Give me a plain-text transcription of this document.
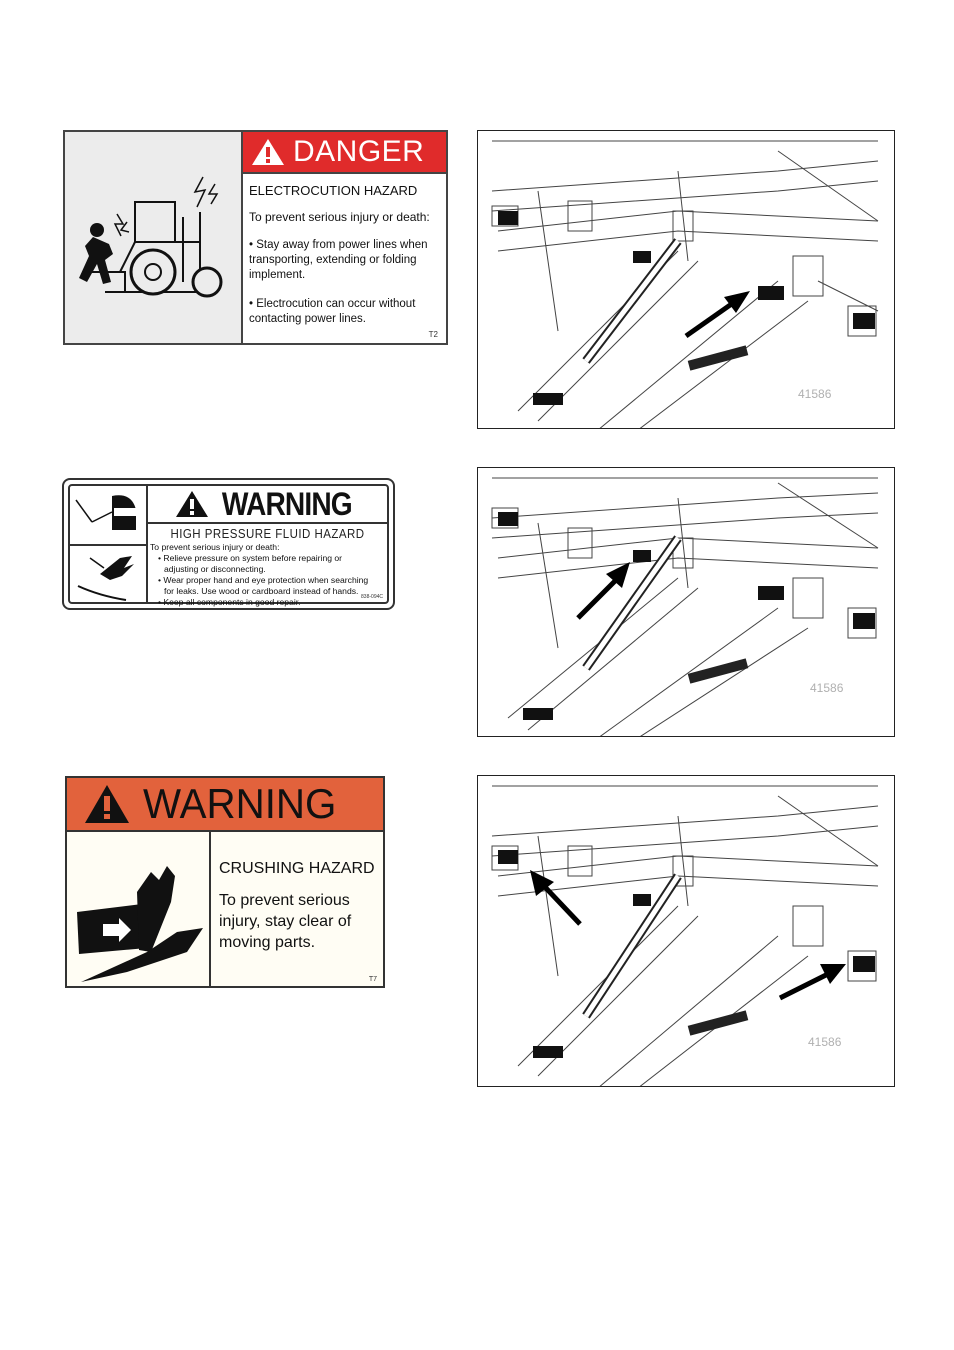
DANGER
ELECTROCUTION HAZARD
To prevent serious injury or death:
• Stay away from power lines when transporting, extending or folding implement.
• Electrocution can occur without contacting power lines.
T2
WARNING
HIGH PRESSURE FLUID HAZARD
To prevent serious injury or death:
• Relieve pressure on system before repairing or
adjusting or disconnecting.
• Wear proper hand and eye protection when searching
for leaks. Use wood or cardboard instead of hands.
• Keep all components in good repair.	838-094C
WARNING
CRUSHING HAZARD
To prevent serious injury, stay clear of moving parts.
T7
41586
41586
41586
